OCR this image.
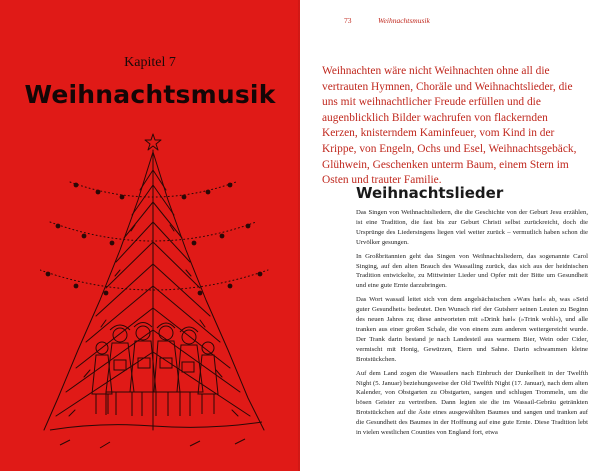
Kapitel 7
Weihnachtsmusik
73	Weihnachtsmusik

Weihnachten wäre nicht Weihnachten ohne all die vertrauten Hymnen, Choräle und Weihnachtslieder, die uns mit weihnachtlicher Freude erfüllen und die augenblicklich Bilder wachrufen von flackernden Kerzen, knisterndem Kaminfeuer, vom Kind in der Krippe, von Engeln, Ochs und Esel, Weihnachtsgebäck, Glühwein, Geschenken unterm Baum, einem Stern im Osten und trauter Familie.

Weihnachtslieder

Das Singen von Weihnachtsliedern, die die Geschichte von der Geburt Jesu erzählen, ist eine Tradition, die fast bis zur Geburt Christi selbst zurückreicht, doch die Ursprünge des Liedersingens liegen viel weiter zurück – vermutlich haben schon die Urvölker gesungen.

In Großbritannien geht das Singen von Weihnachtsliedern, das sogenannte Carol Singing, auf den alten Brauch des Wassailing zurück, das sich aus der heidnischen Tradition entwickelte, zu Mittwinter Lieder und Opfer mit der Bitte um Gesundheit und eine gute Ernte darzubringen.

Das Wort wassail leitet sich von dem angelsächsischen »Wæs hæl« ab, was »Seid guter Gesundheit« bedeutet. Den Wunsch rief der Gutsherr seinen Leuten zu Beginn des neuen Jahres zu; diese antworteten mit »Drink hæl« (»Trink wohl«), und alle tranken aus einer großen Schale, die von einem zum anderen weitergereicht wurde. Der Trank darin bestand je nach Landesteil aus warmem Bier, Wein oder Cider, vermischt mit Honig, Gewürzen, Eiern und Sahne. Darin schwammen kleine Brotstückchen.

Auf dem Land zogen die Wassailers nach Einbruch der Dunkelheit in der Twelfth Night (5. Januar) beziehungsweise der Old Twelfth Night (17. Januar), nach dem alten Kalender, von Obstgarten zu Obstgarten, sangen und schlugen Trommeln, um die bösen Geister zu vertreiben. Dann legten sie die im Wassail-Gebräu getränkten Brotstückchen auf die Äste eines ausgewählten Baumes und sangen und tranken auf die Gesundheit des Baumes in der Hoffnung auf eine gute Ernte. Diese Tradition lebt in vielen westlichen Counties von England fort, etwa
